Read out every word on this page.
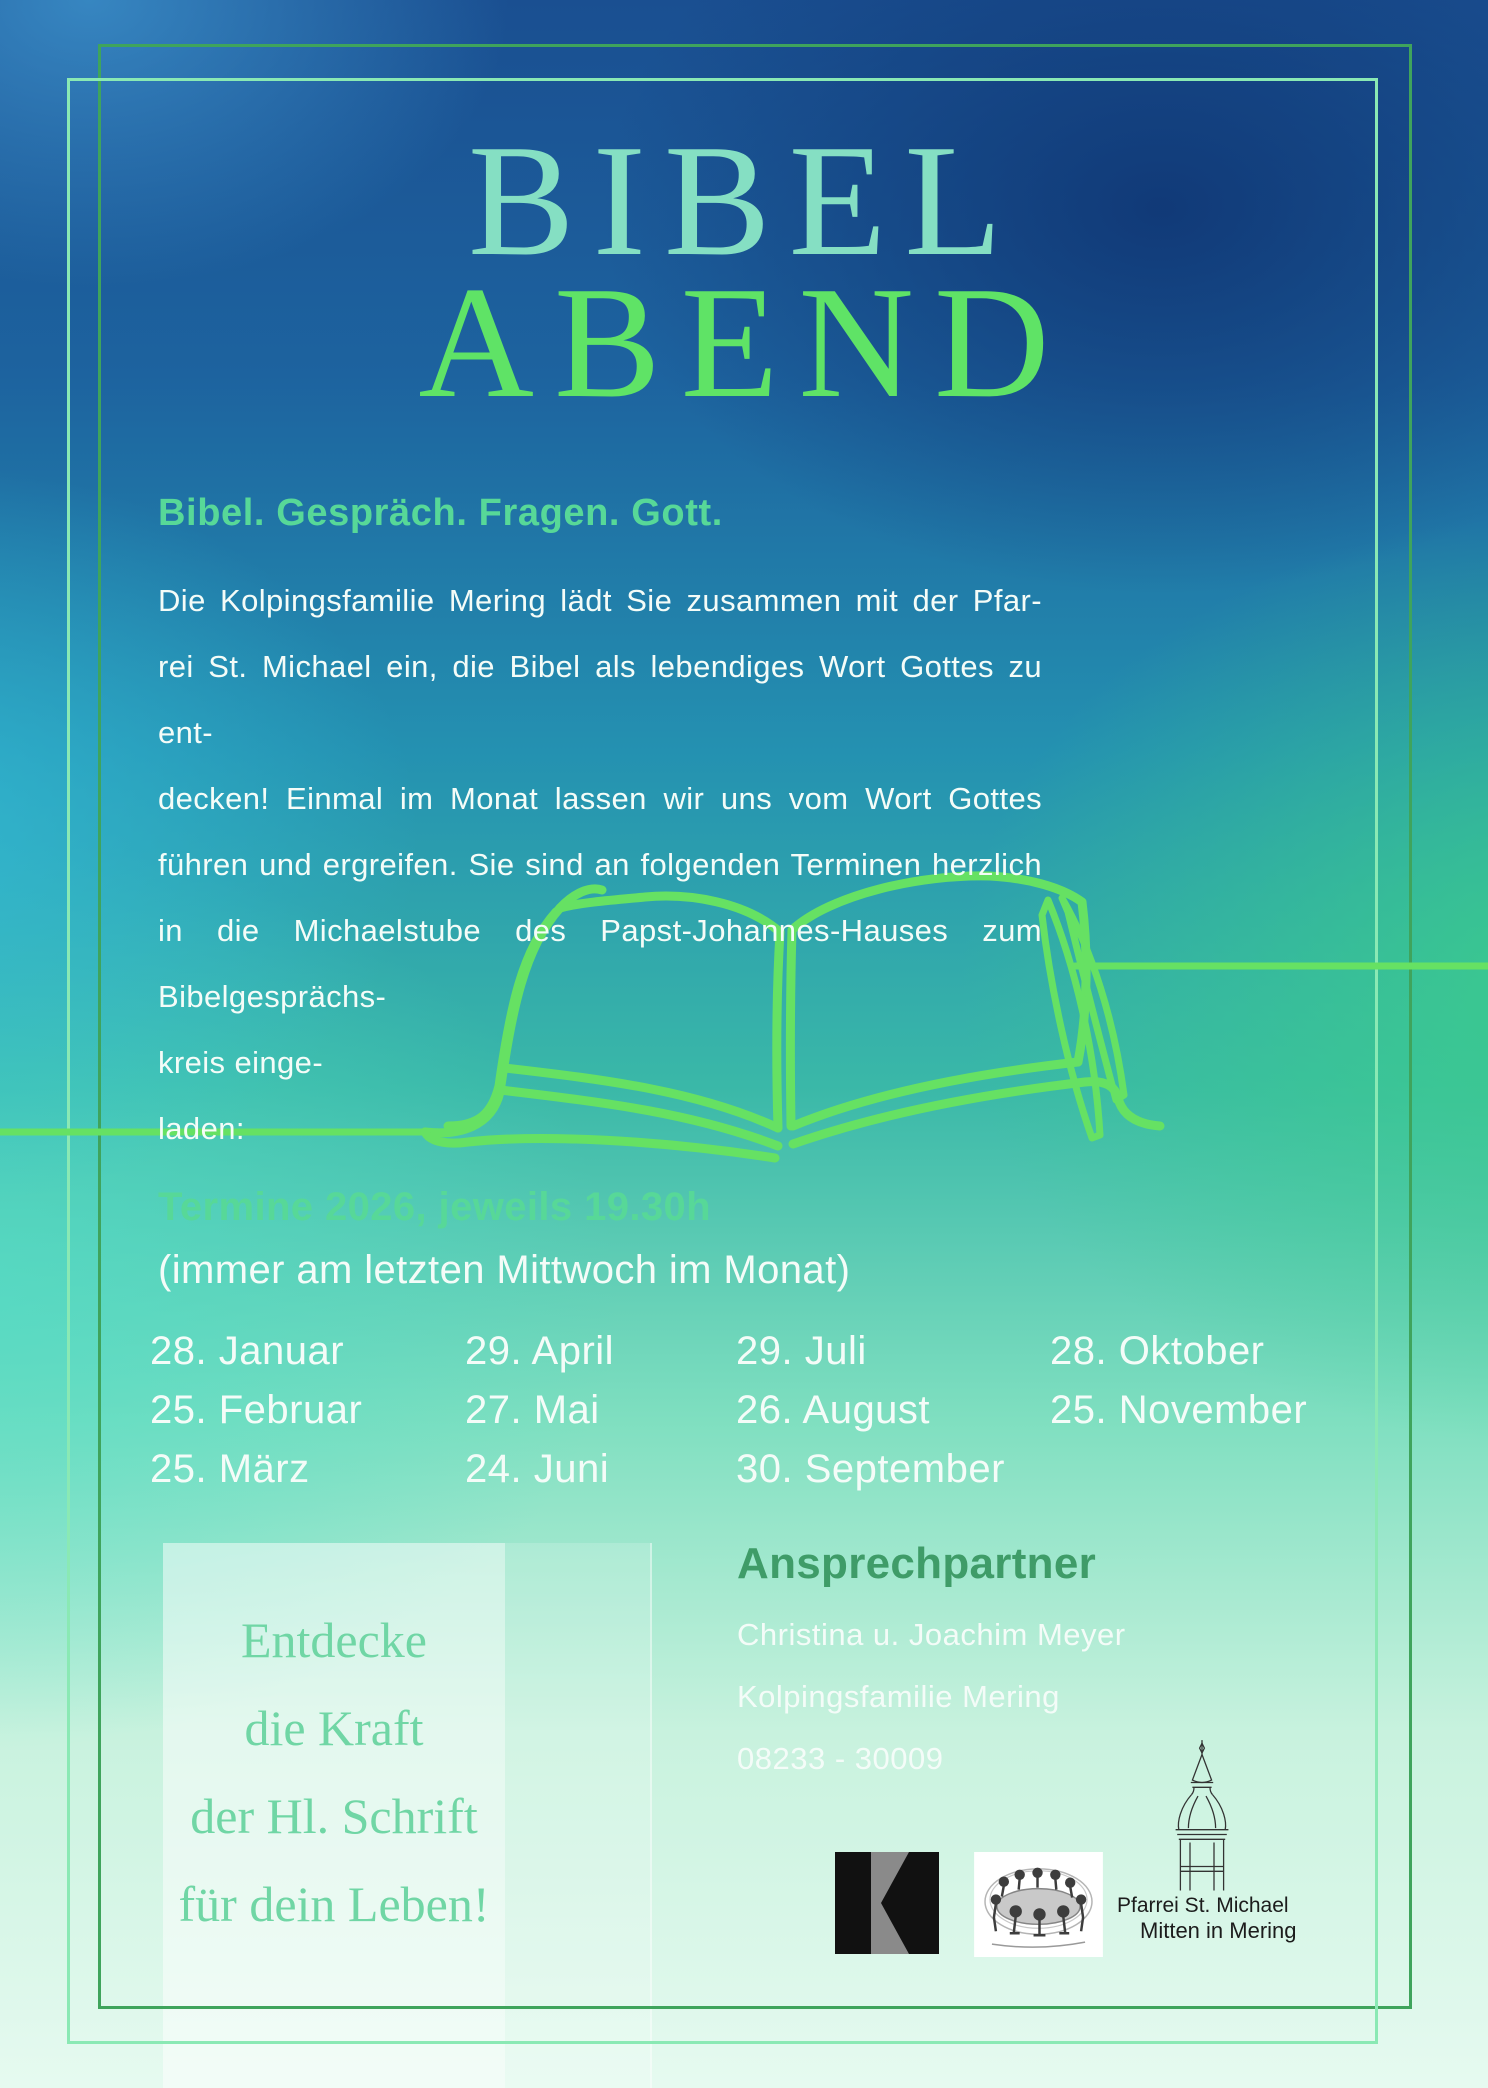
BIBEL
ABEND
Bibel. Gespräch. Fragen. Gott.
Die Kolpingsfamilie Mering lädt Sie zusammen mit der Pfar-
rei St. Michael ein, die Bibel als lebendiges Wort Gottes zu ent-
decken! Einmal im Monat lassen wir uns vom Wort Gottes
führen und ergreifen. Sie sind an folgenden Terminen herzlich
in die Michaelstube des Papst-Johannes-Hauses zum
Bibelgesprächs-
kreis einge-
laden:
Termine 2026, jeweils 19.30h
(immer am letzten Mittwoch im Monat)
28. Januar
25. Februar
25. März
29. April
27. Mai
24. Juni
29. Juli
26. August
30. September
28. Oktober
25. November
Entdecke
die Kraft
der Hl. Schrift
für dein Leben!
Ansprechpartner
Christina u. Joachim Meyer
Kolpingsfamilie Mering
08233 - 30009
Pfarrei St. Michael
Mitten in Mering
